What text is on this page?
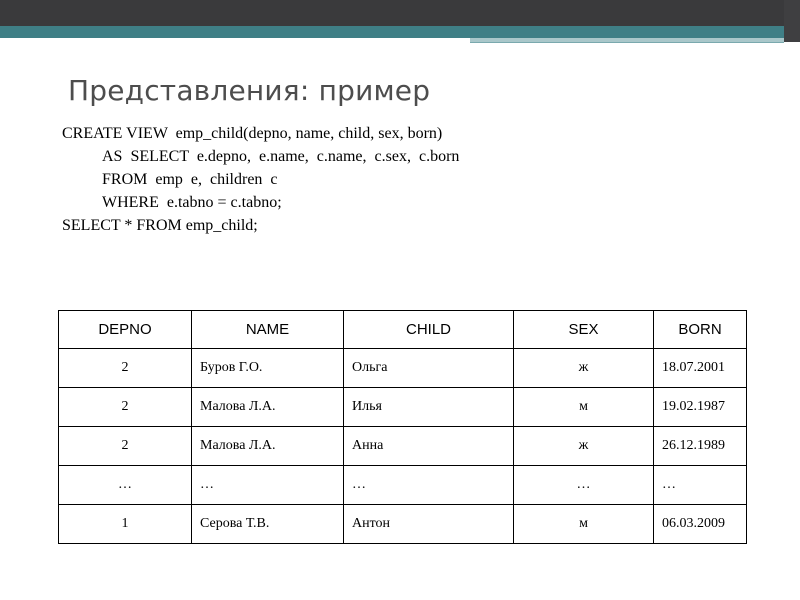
Представления: пример
CREATE VIEW  emp_child(depno, name, child, sex, born)
AS  SELECT  e.depno,  e.name,  c.name,  c.sex,  c.born
FROM  emp  e,  children  c
WHERE  e.tabno = c.tabno;
SELECT * FROM emp_child;
DEPNO	NAME	CHILD	SEX	BORN
2	Буров Г.О.	Ольга	ж	18.07.2001
2	Малова Л.А.	Илья	м	19.02.1987
2	Малова Л.А.	Анна	ж	26.12.1989
…	…	…	…	…
1	Серова Т.В.	Антон	м	06.03.2009
